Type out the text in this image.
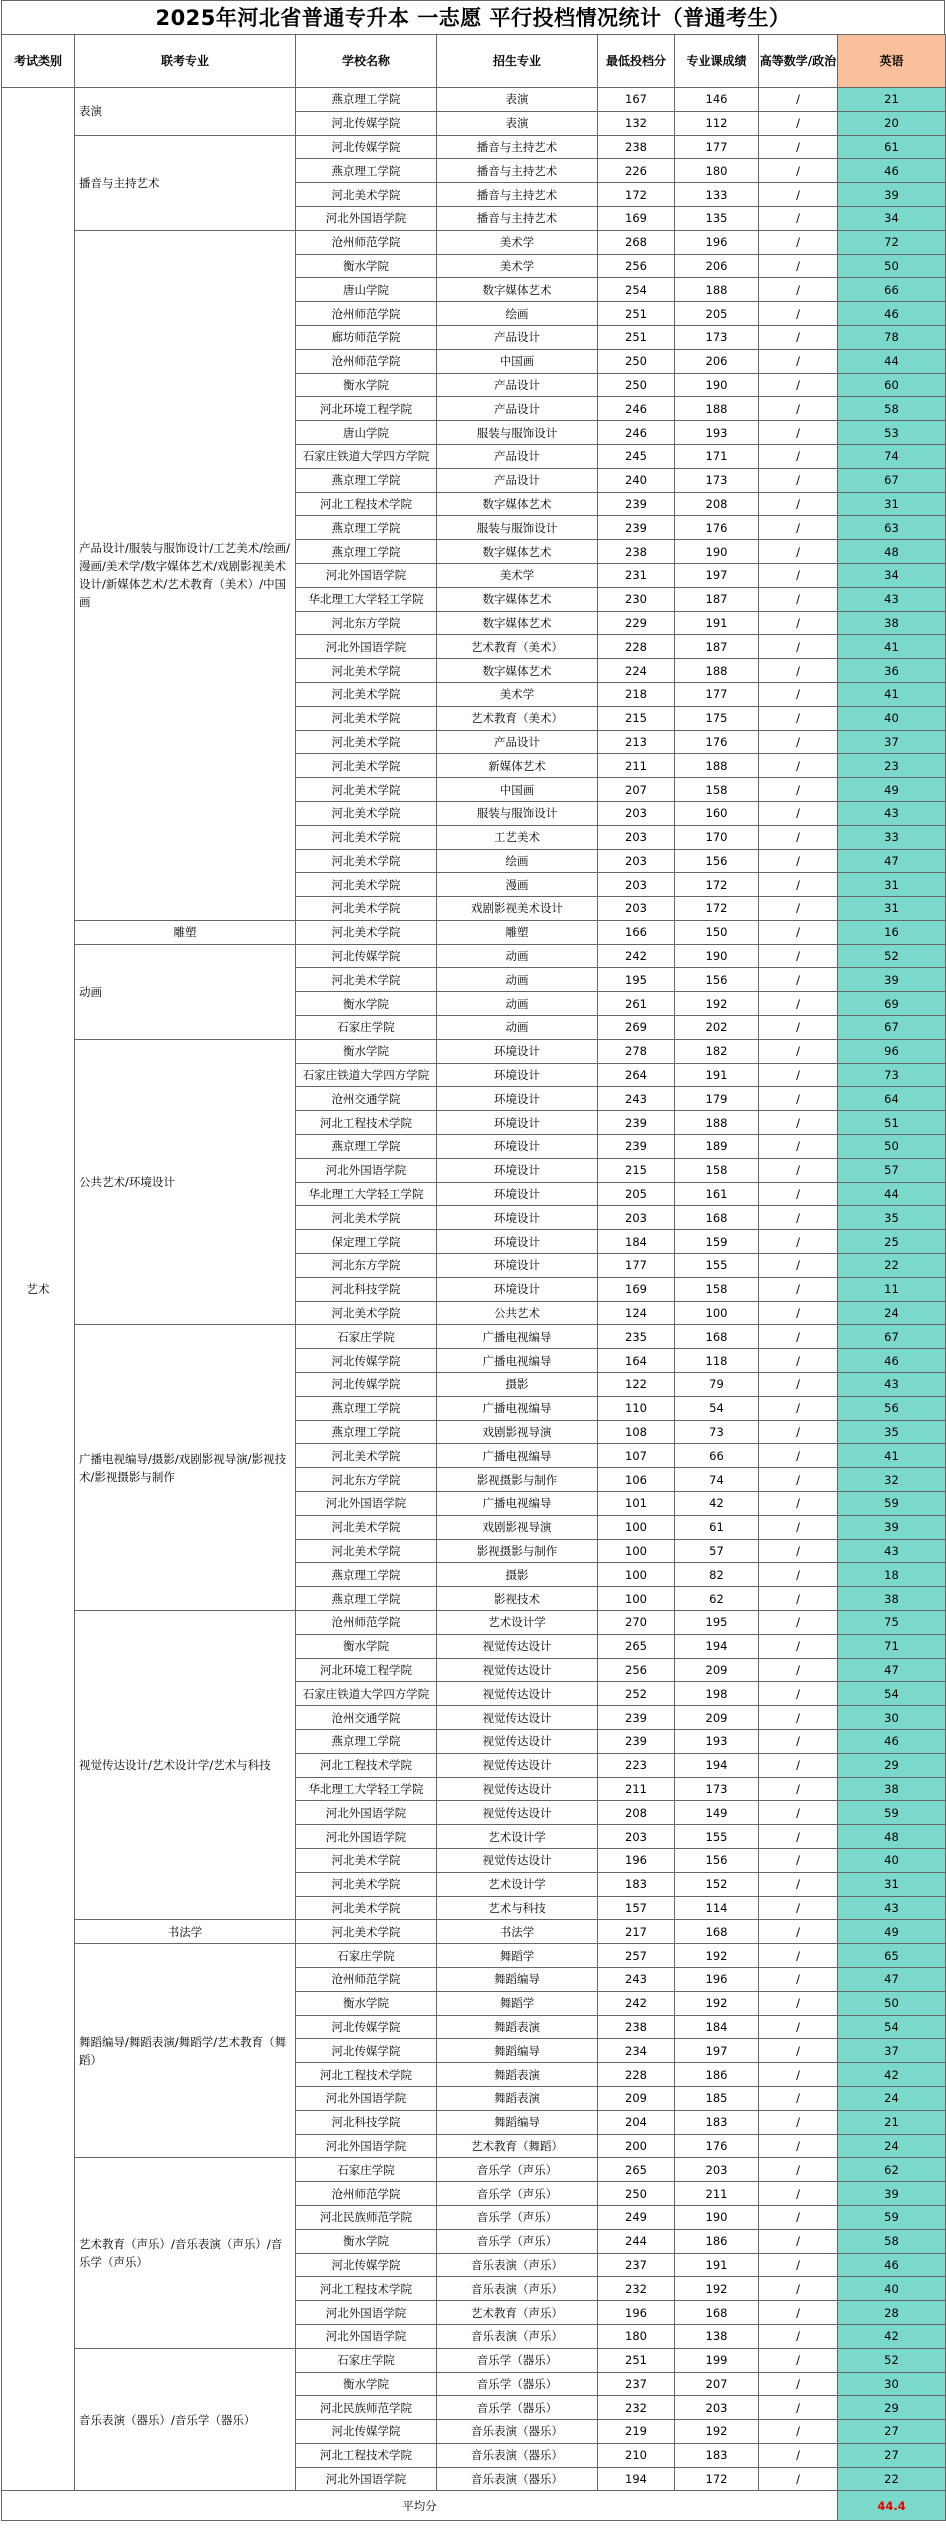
2025年河北省普通专升本 一志愿 平行投档情况统计（普通考生）
考试类别	联考专业	学校名称	招生专业	最低投档分	专业课成绩	高等数学/政治	英语
艺术	表演	燕京理工学院	表演	167	146	/	21
		河北传媒学院	表演	132	112	/	20
	播音与主持艺术	河北传媒学院	播音与主持艺术	238	177	/	61
		燕京理工学院	播音与主持艺术	226	180	/	46
		河北美术学院	播音与主持艺术	172	133	/	39
		河北外国语学院	播音与主持艺术	169	135	/	34
	产品设计/服装与服饰设计/工艺美术/绘画/漫画/美术学/数字媒体艺术/戏剧影视美术设计/新媒体艺术/艺术教育（美术）/中国画	沧州师范学院	美术学	268	196	/	72
		衡水学院	美术学	256	206	/	50
		唐山学院	数字媒体艺术	254	188	/	66
		沧州师范学院	绘画	251	205	/	46
		廊坊师范学院	产品设计	251	173	/	78
		沧州师范学院	中国画	250	206	/	44
		衡水学院	产品设计	250	190	/	60
		河北环境工程学院	产品设计	246	188	/	58
		唐山学院	服装与服饰设计	246	193	/	53
		石家庄铁道大学四方学院	产品设计	245	171	/	74
		燕京理工学院	产品设计	240	173	/	67
		河北工程技术学院	数字媒体艺术	239	208	/	31
		燕京理工学院	服装与服饰设计	239	176	/	63
		燕京理工学院	数字媒体艺术	238	190	/	48
		河北外国语学院	美术学	231	197	/	34
		华北理工大学轻工学院	数字媒体艺术	230	187	/	43
		河北东方学院	数字媒体艺术	229	191	/	38
		河北外国语学院	艺术教育（美术）	228	187	/	41
		河北美术学院	数字媒体艺术	224	188	/	36
		河北美术学院	美术学	218	177	/	41
		河北美术学院	艺术教育（美术）	215	175	/	40
		河北美术学院	产品设计	213	176	/	37
		河北美术学院	新媒体艺术	211	188	/	23
		河北美术学院	中国画	207	158	/	49
		河北美术学院	服装与服饰设计	203	160	/	43
		河北美术学院	工艺美术	203	170	/	33
		河北美术学院	绘画	203	156	/	47
		河北美术学院	漫画	203	172	/	31
		河北美术学院	戏剧影视美术设计	203	172	/	31
	雕塑	河北美术学院	雕塑	166	150	/	16
	动画	河北传媒学院	动画	242	190	/	52
		河北美术学院	动画	195	156	/	39
		衡水学院	动画	261	192	/	69
		石家庄学院	动画	269	202	/	67
	公共艺术/环境设计	衡水学院	环境设计	278	182	/	96
		石家庄铁道大学四方学院	环境设计	264	191	/	73
		沧州交通学院	环境设计	243	179	/	64
		河北工程技术学院	环境设计	239	188	/	51
		燕京理工学院	环境设计	239	189	/	50
		河北外国语学院	环境设计	215	158	/	57
		华北理工大学轻工学院	环境设计	205	161	/	44
		河北美术学院	环境设计	203	168	/	35
		保定理工学院	环境设计	184	159	/	25
		河北东方学院	环境设计	177	155	/	22
		河北科技学院	环境设计	169	158	/	11
		河北美术学院	公共艺术	124	100	/	24
	广播电视编导/摄影/戏剧影视导演/影视技术/影视摄影与制作	石家庄学院	广播电视编导	235	168	/	67
		河北传媒学院	广播电视编导	164	118	/	46
		河北传媒学院	摄影	122	79	/	43
		燕京理工学院	广播电视编导	110	54	/	56
		燕京理工学院	戏剧影视导演	108	73	/	35
		河北美术学院	广播电视编导	107	66	/	41
		河北东方学院	影视摄影与制作	106	74	/	32
		河北外国语学院	广播电视编导	101	42	/	59
		河北美术学院	戏剧影视导演	100	61	/	39
		河北美术学院	影视摄影与制作	100	57	/	43
		燕京理工学院	摄影	100	82	/	18
		燕京理工学院	影视技术	100	62	/	38
	视觉传达设计/艺术设计学/艺术与科技	沧州师范学院	艺术设计学	270	195	/	75
		衡水学院	视觉传达设计	265	194	/	71
		河北环境工程学院	视觉传达设计	256	209	/	47
		石家庄铁道大学四方学院	视觉传达设计	252	198	/	54
		沧州交通学院	视觉传达设计	239	209	/	30
		燕京理工学院	视觉传达设计	239	193	/	46
		河北工程技术学院	视觉传达设计	223	194	/	29
		华北理工大学轻工学院	视觉传达设计	211	173	/	38
		河北外国语学院	视觉传达设计	208	149	/	59
		河北外国语学院	艺术设计学	203	155	/	48
		河北美术学院	视觉传达设计	196	156	/	40
		河北美术学院	艺术设计学	183	152	/	31
		河北美术学院	艺术与科技	157	114	/	43
	书法学	河北美术学院	书法学	217	168	/	49
	舞蹈编导/舞蹈表演/舞蹈学/艺术教育（舞蹈）	石家庄学院	舞蹈学	257	192	/	65
		沧州师范学院	舞蹈编导	243	196	/	47
		衡水学院	舞蹈学	242	192	/	50
		河北传媒学院	舞蹈表演	238	184	/	54
		河北传媒学院	舞蹈编导	234	197	/	37
		河北工程技术学院	舞蹈表演	228	186	/	42
		河北外国语学院	舞蹈表演	209	185	/	24
		河北科技学院	舞蹈编导	204	183	/	21
		河北外国语学院	艺术教育（舞蹈）	200	176	/	24
	艺术教育（声乐）/音乐表演（声乐）/音乐学（声乐）	石家庄学院	音乐学（声乐）	265	203	/	62
		沧州师范学院	音乐学（声乐）	250	211	/	39
		河北民族师范学院	音乐学（声乐）	249	190	/	59
		衡水学院	音乐学（声乐）	244	186	/	58
		河北传媒学院	音乐表演（声乐）	237	191	/	46
		河北工程技术学院	音乐表演（声乐）	232	192	/	40
		河北外国语学院	艺术教育（声乐）	196	168	/	28
		河北外国语学院	音乐表演（声乐）	180	138	/	42
	音乐表演（器乐）/音乐学（器乐）	石家庄学院	音乐学（器乐）	251	199	/	52
		衡水学院	音乐学（器乐）	237	207	/	30
		河北民族师范学院	音乐学（器乐）	232	203	/	29
		河北传媒学院	音乐表演（器乐）	219	192	/	27
		河北工程技术学院	音乐表演（器乐）	210	183	/	27
		河北外国语学院	音乐表演（器乐）	194	172	/	22
平均分							44.4
